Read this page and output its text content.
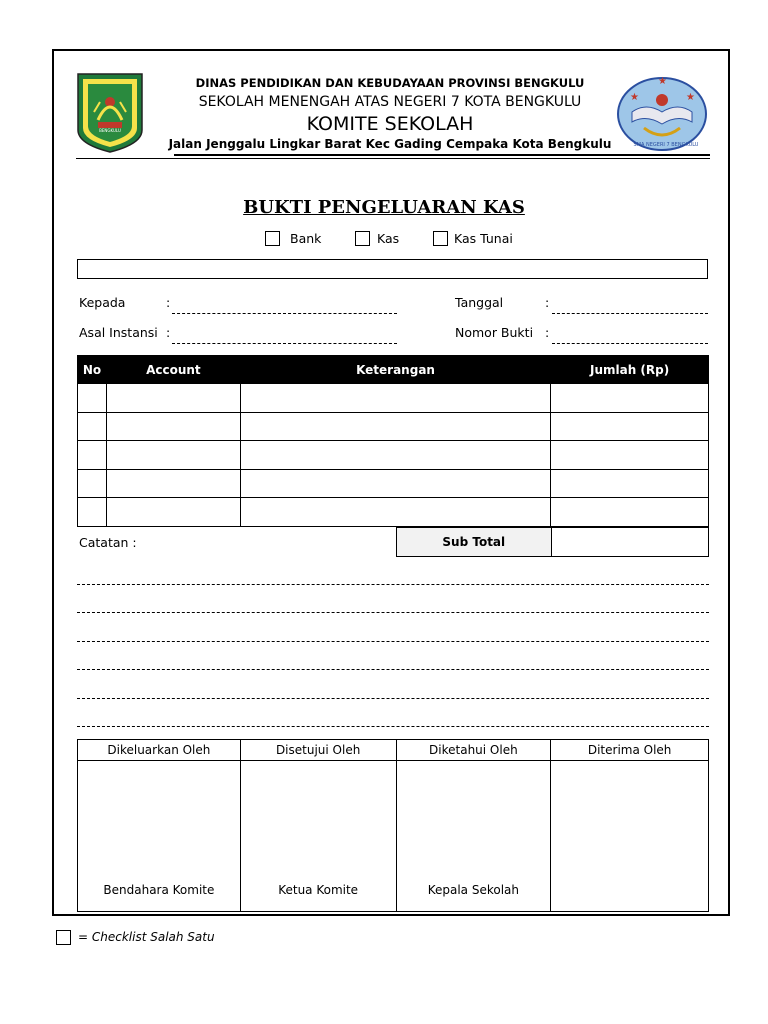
BENGKULU
★	★
★
SMA NEGERI 7 BENGKULU
DINAS PENDIDIKAN DAN KEBUDAYAAN PROVINSI BENGKULU
SEKOLAH MENENGAH ATAS NEGERI 7 KOTA BENGKULU
KOMITE SEKOLAH
Jalan Jenggalu Lingkar Barat Kec Gading Cempaka Kota Bengkulu
BUKTI PENGELUARAN KAS
Bank	Kas	Kas Tunai
Kepada	:
Asal Instansi :
Tanggal	:
Nomor Bukti :
No	Account	Keterangan	Jumlah (Rp)

Sub Total	
Catatan :
Dikeluarkan Oleh	Disetujui Oleh	Diketahui Oleh	Diterima Oleh
Bendahara Komite	Ketua Komite	Kepala Sekolah	
= Checklist Salah Satu
